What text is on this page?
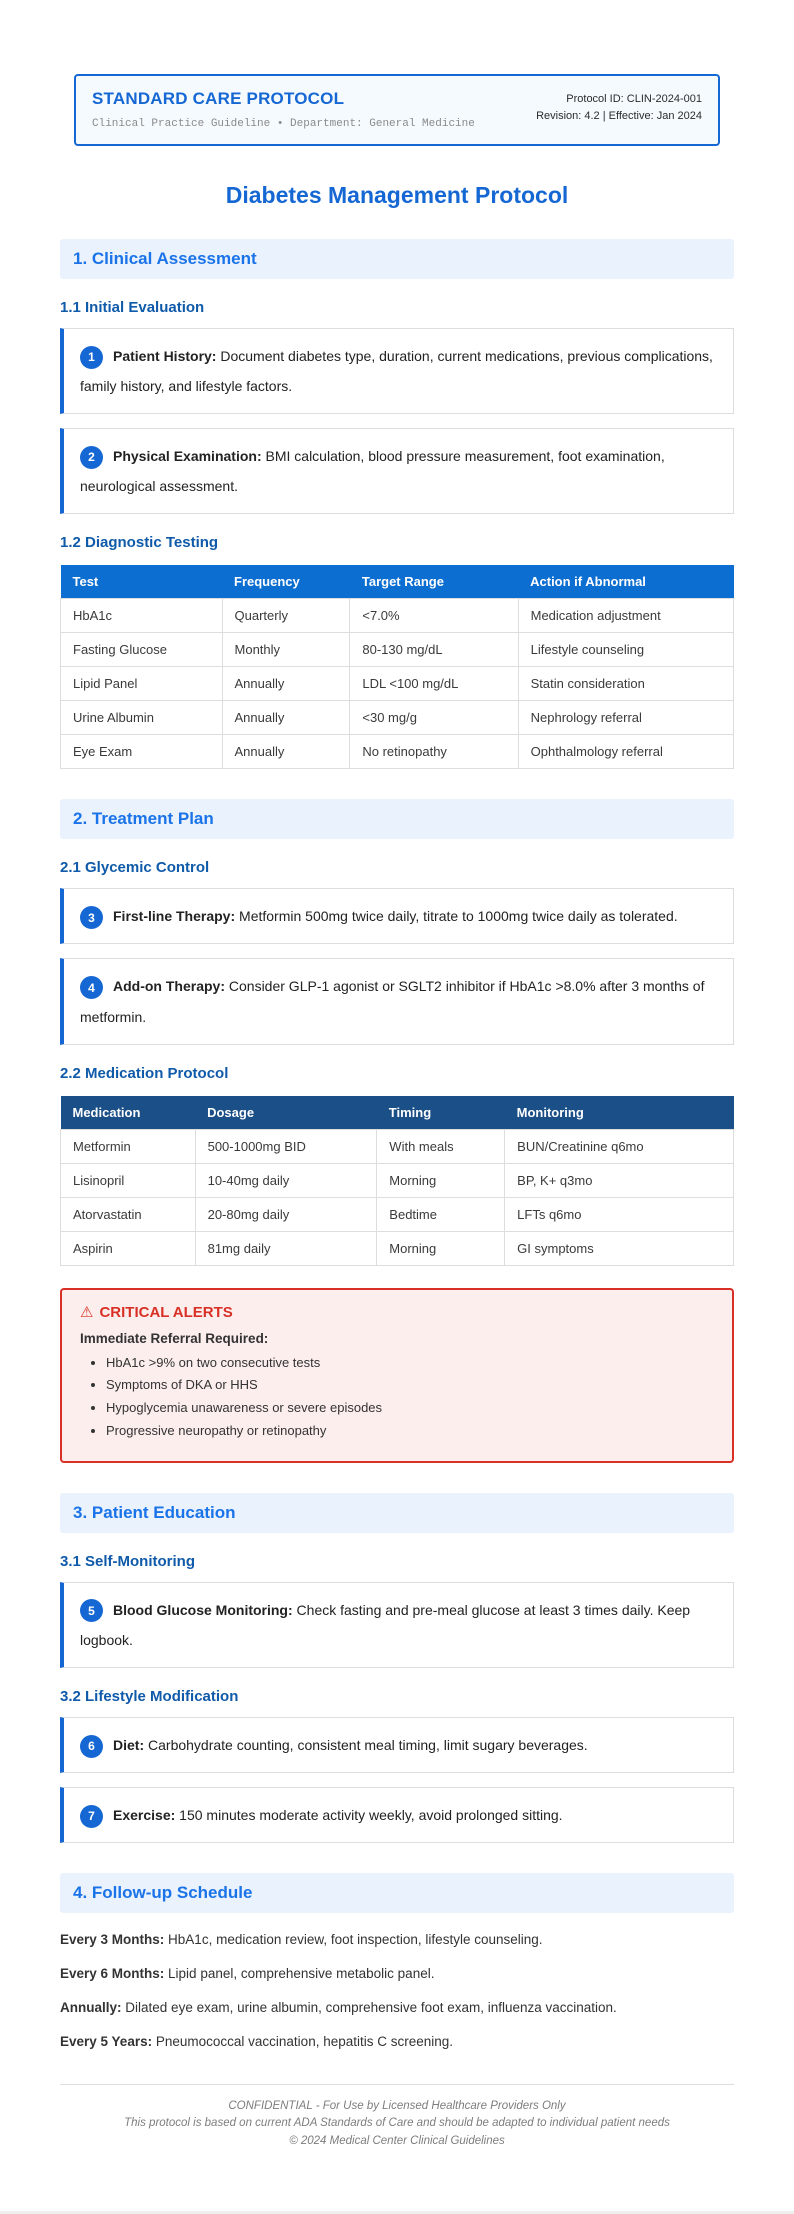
STANDARD CARE PROTOCOL
Clinical Practice Guideline • Department: General Medicine
Protocol ID: CLIN-2024-001
Revision: 4.2 | Effective: Jan 2024
Diabetes Management Protocol
1. Clinical Assessment
1.1 Initial Evaluation
1 Patient History: Document diabetes type, duration, current medications, previous complications, family history, and lifestyle factors.
2 Physical Examination: BMI calculation, blood pressure measurement, foot examination, neurological assessment.
1.2 Diagnostic Testing
Test	Frequency	Target Range	Action if Abnormal
HbA1c	Quarterly	<7.0%	Medication adjustment
Fasting Glucose	Monthly	80-130 mg/dL	Lifestyle counseling
Lipid Panel	Annually	LDL <100 mg/dL	Statin consideration
Urine Albumin	Annually	<30 mg/g	Nephrology referral
Eye Exam	Annually	No retinopathy	Ophthalmology referral
2. Treatment Plan
2.1 Glycemic Control
3 First-line Therapy: Metformin 500mg twice daily, titrate to 1000mg twice daily as tolerated.
4 Add-on Therapy: Consider GLP-1 agonist or SGLT2 inhibitor if HbA1c >8.0% after 3 months of metformin.
2.2 Medication Protocol
Medication	Dosage	Timing	Monitoring
Metformin	500-1000mg BID	With meals	BUN/Creatinine q6mo
Lisinopril	10-40mg daily	Morning	BP, K+ q3mo
Atorvastatin	20-80mg daily	Bedtime	LFTs q6mo
Aspirin	81mg daily	Morning	GI symptoms
⚠ CRITICAL ALERTS
Immediate Referral Required:
• HbA1c >9% on two consecutive tests
• Symptoms of DKA or HHS
• Hypoglycemia unawareness or severe episodes
• Progressive neuropathy or retinopathy
3. Patient Education
3.1 Self-Monitoring
5 Blood Glucose Monitoring: Check fasting and pre-meal glucose at least 3 times daily. Keep logbook.
3.2 Lifestyle Modification
6 Diet: Carbohydrate counting, consistent meal timing, limit sugary beverages.
7 Exercise: 150 minutes moderate activity weekly, avoid prolonged sitting.
4. Follow-up Schedule

Every 3 Months: HbA1c, medication review, foot inspection, lifestyle counseling.

Every 6 Months: Lipid panel, comprehensive metabolic panel.

Annually: Dilated eye exam, urine albumin, comprehensive foot exam, influenza vaccination.

Every 5 Years: Pneumococcal vaccination, hepatitis C screening.

CONFIDENTIAL - For Use by Licensed Healthcare Providers Only
This protocol is based on current ADA Standards of Care and should be adapted to individual patient needs
© 2024 Medical Center Clinical Guidelines
